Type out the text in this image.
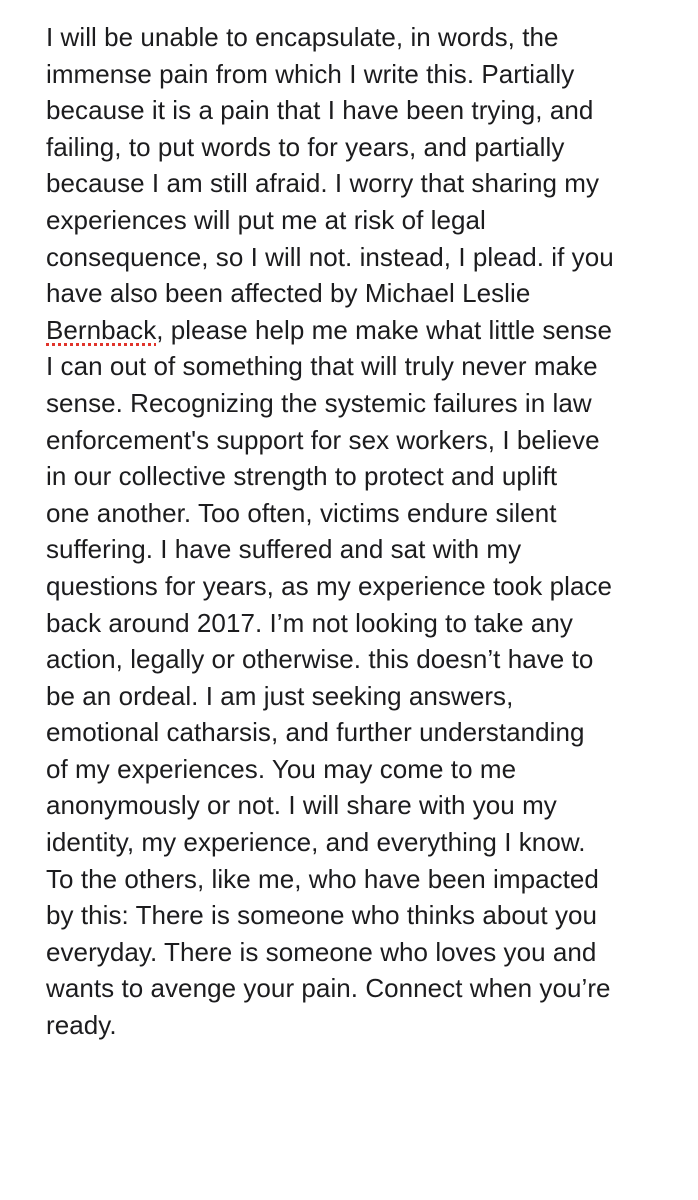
I will be unable to encapsulate, in words, the
immense pain from which I write this. Partially
because it is a pain that I have been trying, and
failing, to put words to for years, and partially
because I am still afraid. I worry that sharing my
experiences will put me at risk of legal
consequence, so I will not. instead, I plead. if you
have also been affected by Michael Leslie
Bernback, please help me make what little sense
I can out of something that will truly never make
sense. Recognizing the systemic failures in law
enforcement's support for sex workers, I believe
in our collective strength to protect and uplift
one another. Too often, victims endure silent
suffering. I have suffered and sat with my
questions for years, as my experience took place
back around 2017. I’m not looking to take any
action, legally or otherwise. this doesn’t have to
be an ordeal. I am just seeking answers,
emotional catharsis, and further understanding
of my experiences. You may come to me
anonymously or not. I will share with you my
identity, my experience, and everything I know.
To the others, like me, who have been impacted
by this: There is someone who thinks about you
everyday. There is someone who loves you and
wants to avenge your pain. Connect when you’re
ready.
